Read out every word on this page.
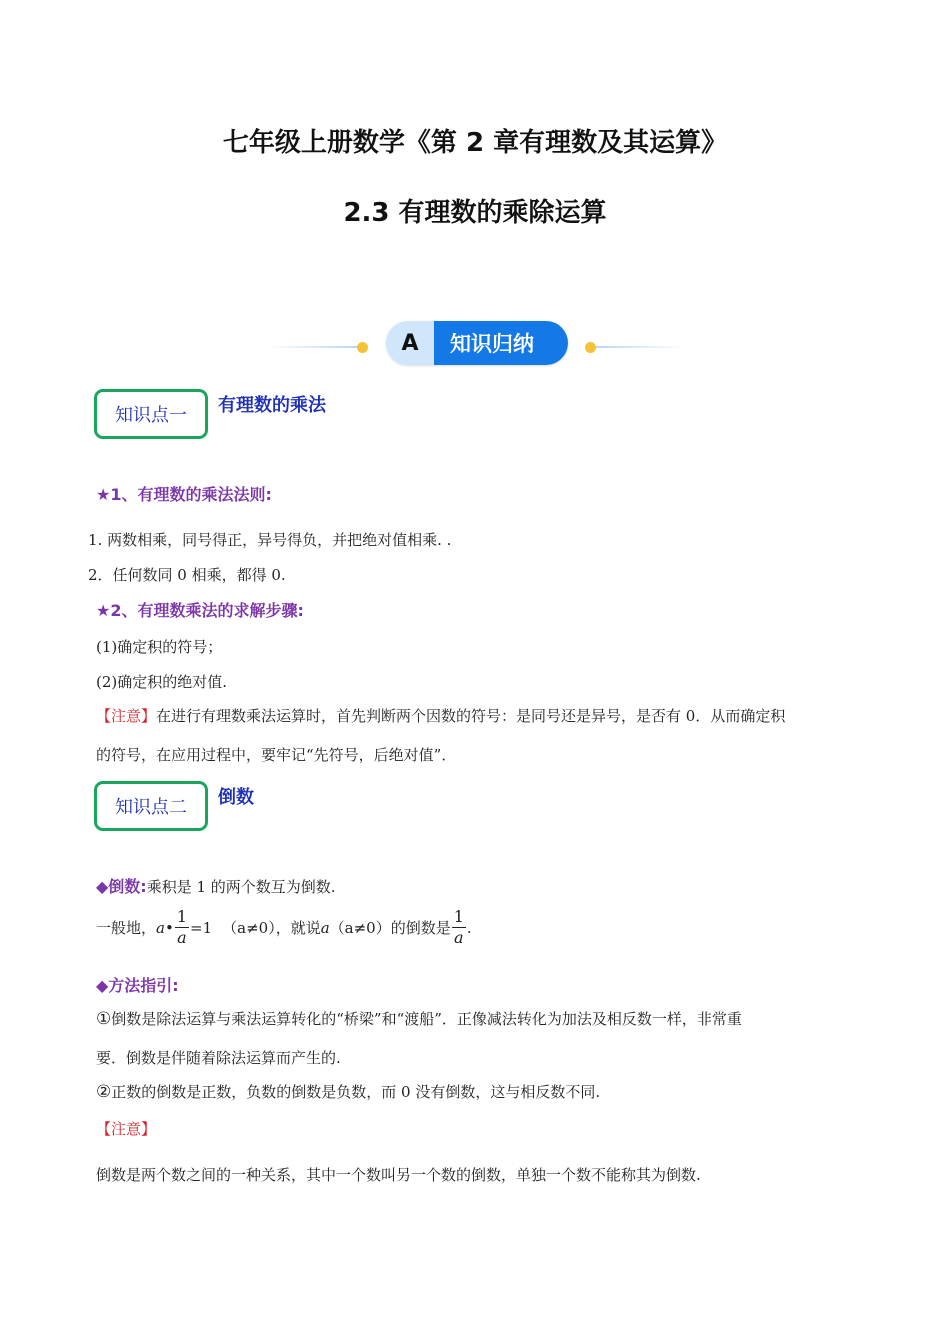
七年级上册数学《第 2 章有理数及其运算》
2.3 有理数的乘除运算
A	知识归纳
知识点一	有理数的乘法
★1、有理数的乘法法则:
1. 两数相乘，同号得正，异号得负，并把绝对值相乘. .
2．任何数同 0 相乘，都得 0.
★2、有理数乘法的求解步骤:
(1)确定积的符号；
(2)确定积的绝对值.
【注意】在进行有理数乘法运算时，首先判断两个因数的符号：是同号还是异号，是否有 0．从而确定积
的符号，在应用过程中，要牢记“先符号，后绝对值”．
知识点二	倒数
◆倒数:乘积是 1 的两个数互为倒数.
一般地， a • $\frac{1}{a} =1$ （a≠0），就说 a （a≠0）的倒数是 $\frac{1}{a}$ .
◆方法指引:
①倒数是除法运算与乘法运算转化的“桥梁”和“渡船”．正像减法转化为加法及相反数一样，非常重
要．倒数是伴随着除法运算而产生的.
②正数的倒数是正数，负数的倒数是负数，而 0 没有倒数，这与相反数不同.
【注意】
倒数是两个数之间的一种关系，其中一个数叫另一个数的倒数，单独一个数不能称其为倒数.
